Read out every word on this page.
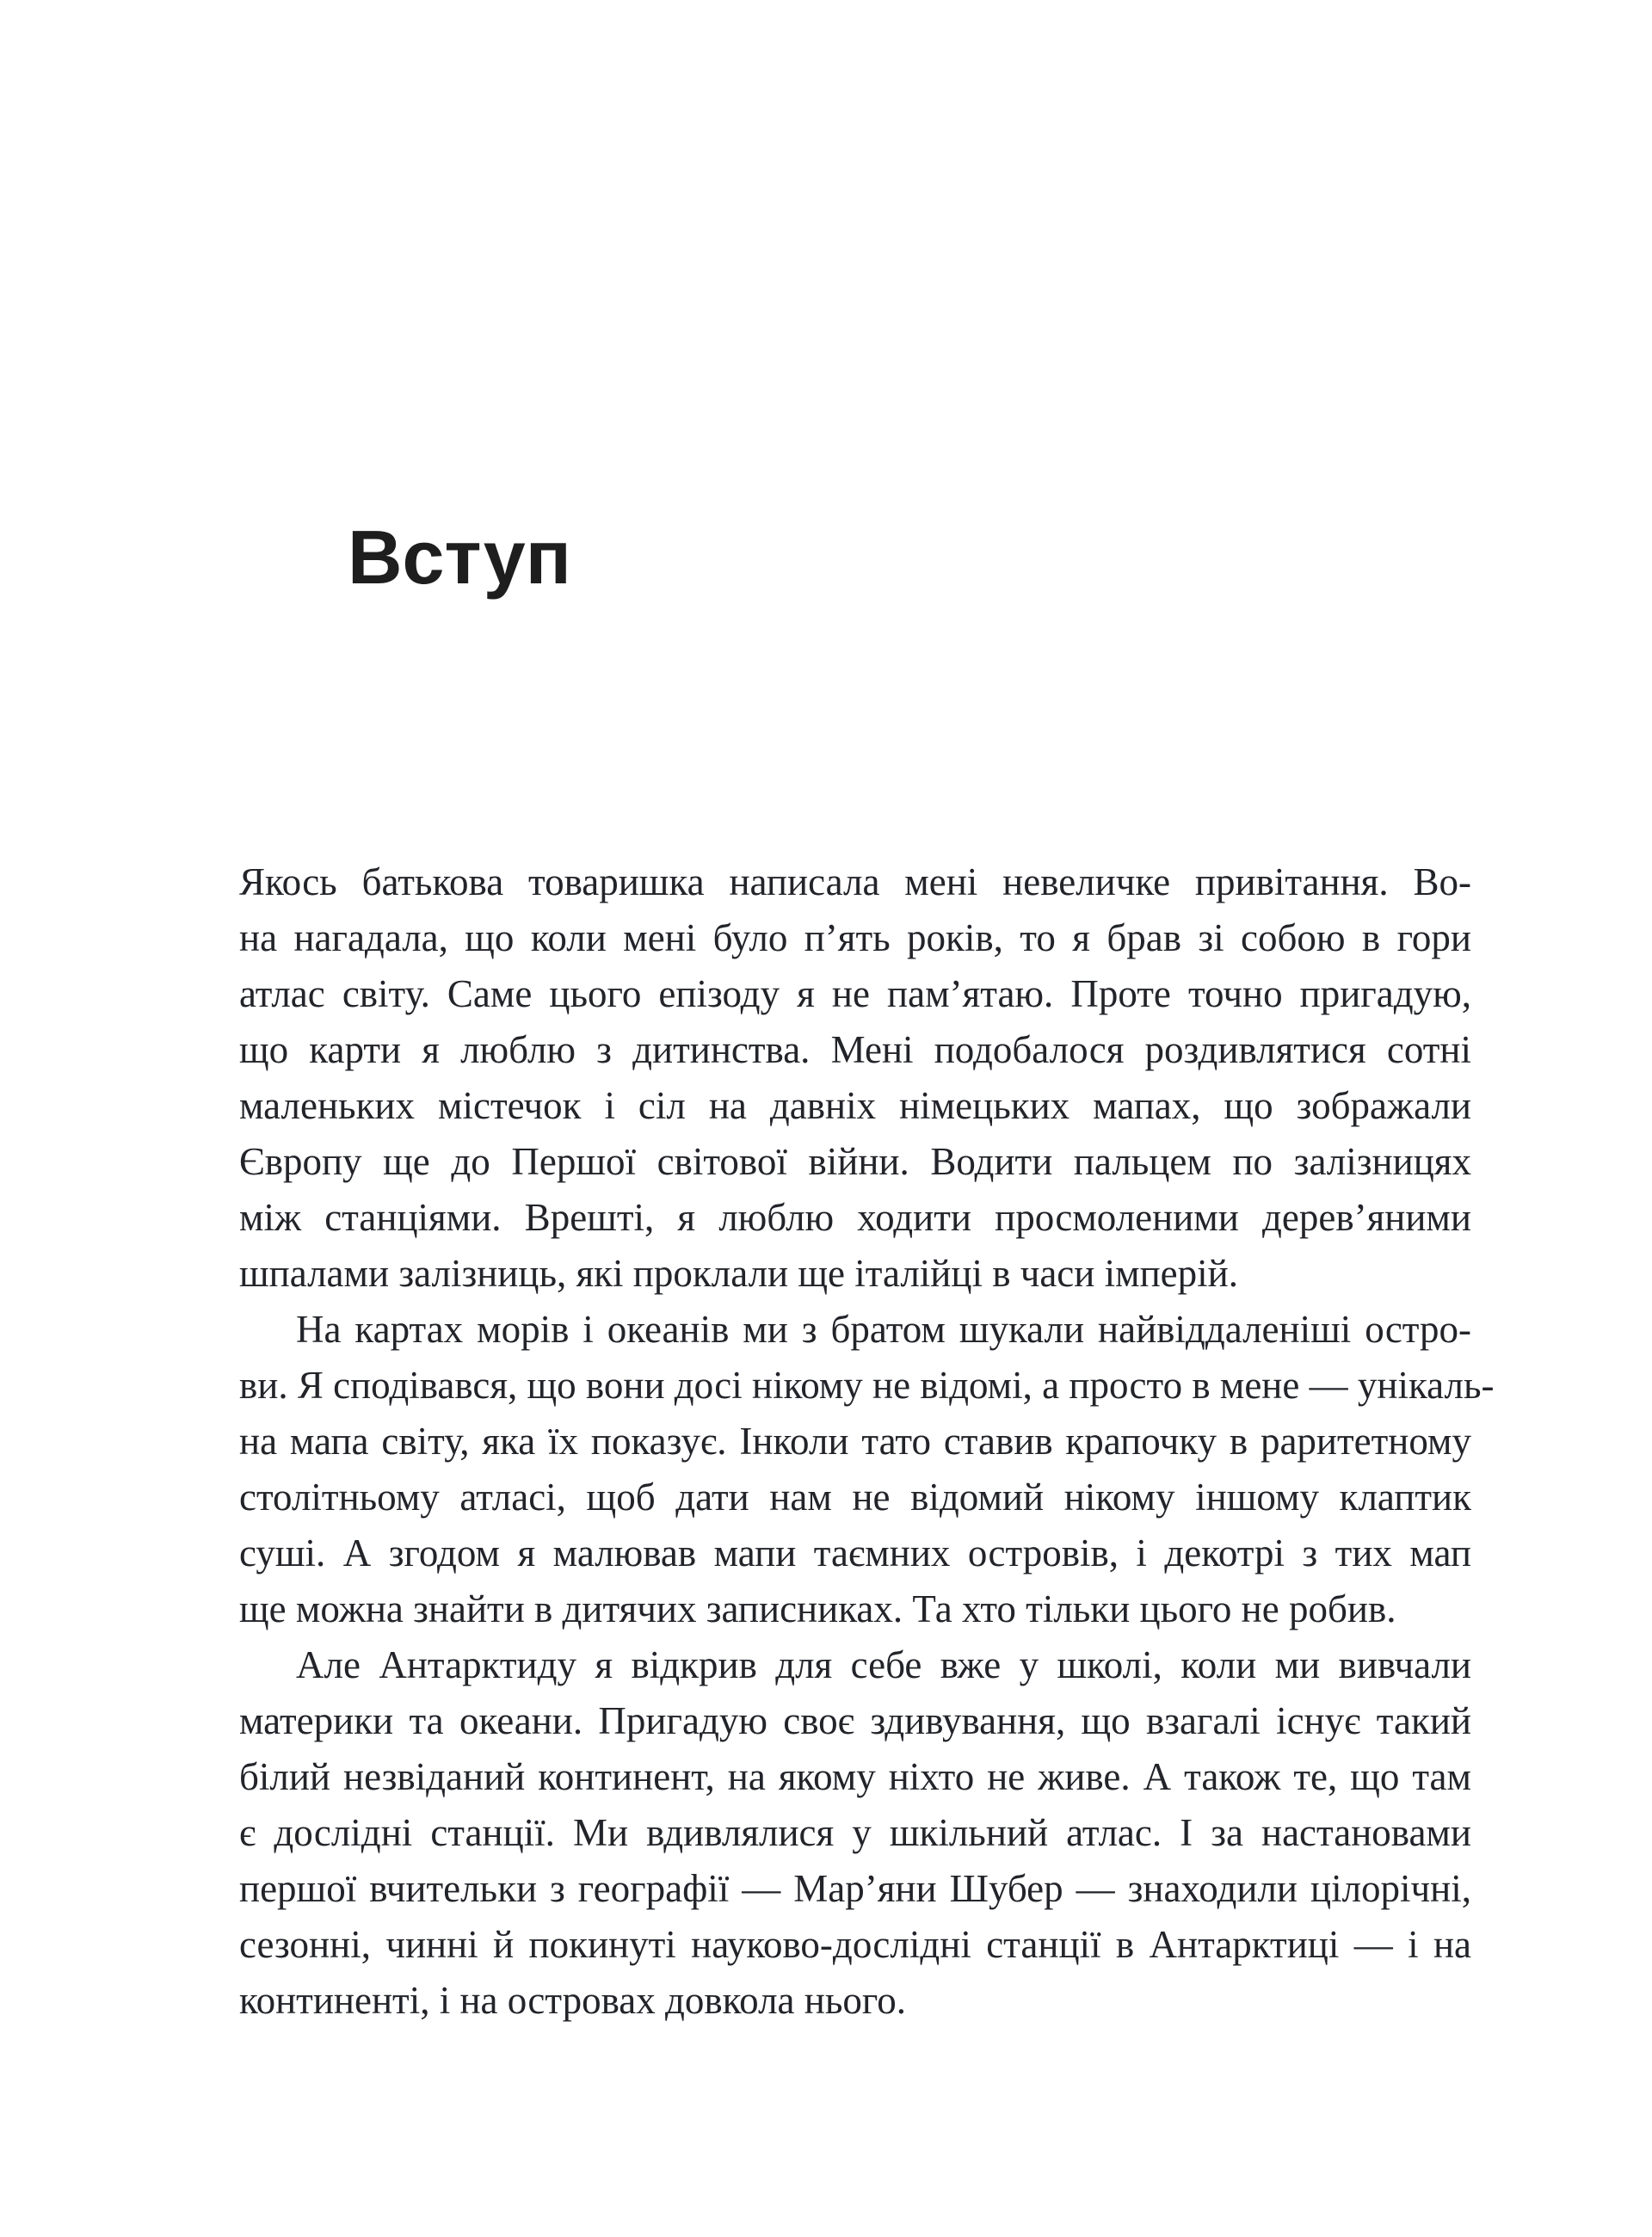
Вступ
Якось батькова товаришка написала мені невеличке привітання. Во-
на нагадала, що коли мені було п’ять років, то я брав зі собою в гори
атлас світу. Саме цього епізоду я не пам’ятаю. Проте точно пригадую,
що карти я люблю з дитинства. Мені подобалося роздивлятися сотні
маленьких містечок і сіл на давніх німецьких мапах, що зображали
Європу ще до Першої світової війни. Водити пальцем по залізницях
між станціями. Врешті, я люблю ходити просмоленими дерев’яними
шпалами залізниць, які проклали ще італійці в часи імперій.
На картах морів і океанів ми з братом шукали найвіддаленіші остро-
ви. Я сподівався, що вони досі нікому не відомі, а просто в мене — унікаль-
на мапа світу, яка їх показує. Інколи тато ставив крапочку в раритетному
столітньому атласі, щоб дати нам не відомий нікому іншому клаптик
суші. А згодом я малював мапи таємних островів, і декотрі з тих мап
ще можна знайти в дитячих записниках. Та хто тільки цього не робив.
Але Антарктиду я відкрив для себе вже у школі, коли ми вивчали
материки та океани. Пригадую своє здивування, що взагалі існує такий
білий незвіданий континент, на якому ніхто не живе. А також те, що там
є дослідні станції. Ми вдивлялися у шкільний атлас. І за настановами
першої вчительки з географії — Мар’яни Шубер — знаходили цілорічні,
сезонні, чинні й покинуті науково-дослідні станції в Антарктиці — і на
континенті, і на островах довкола нього.
